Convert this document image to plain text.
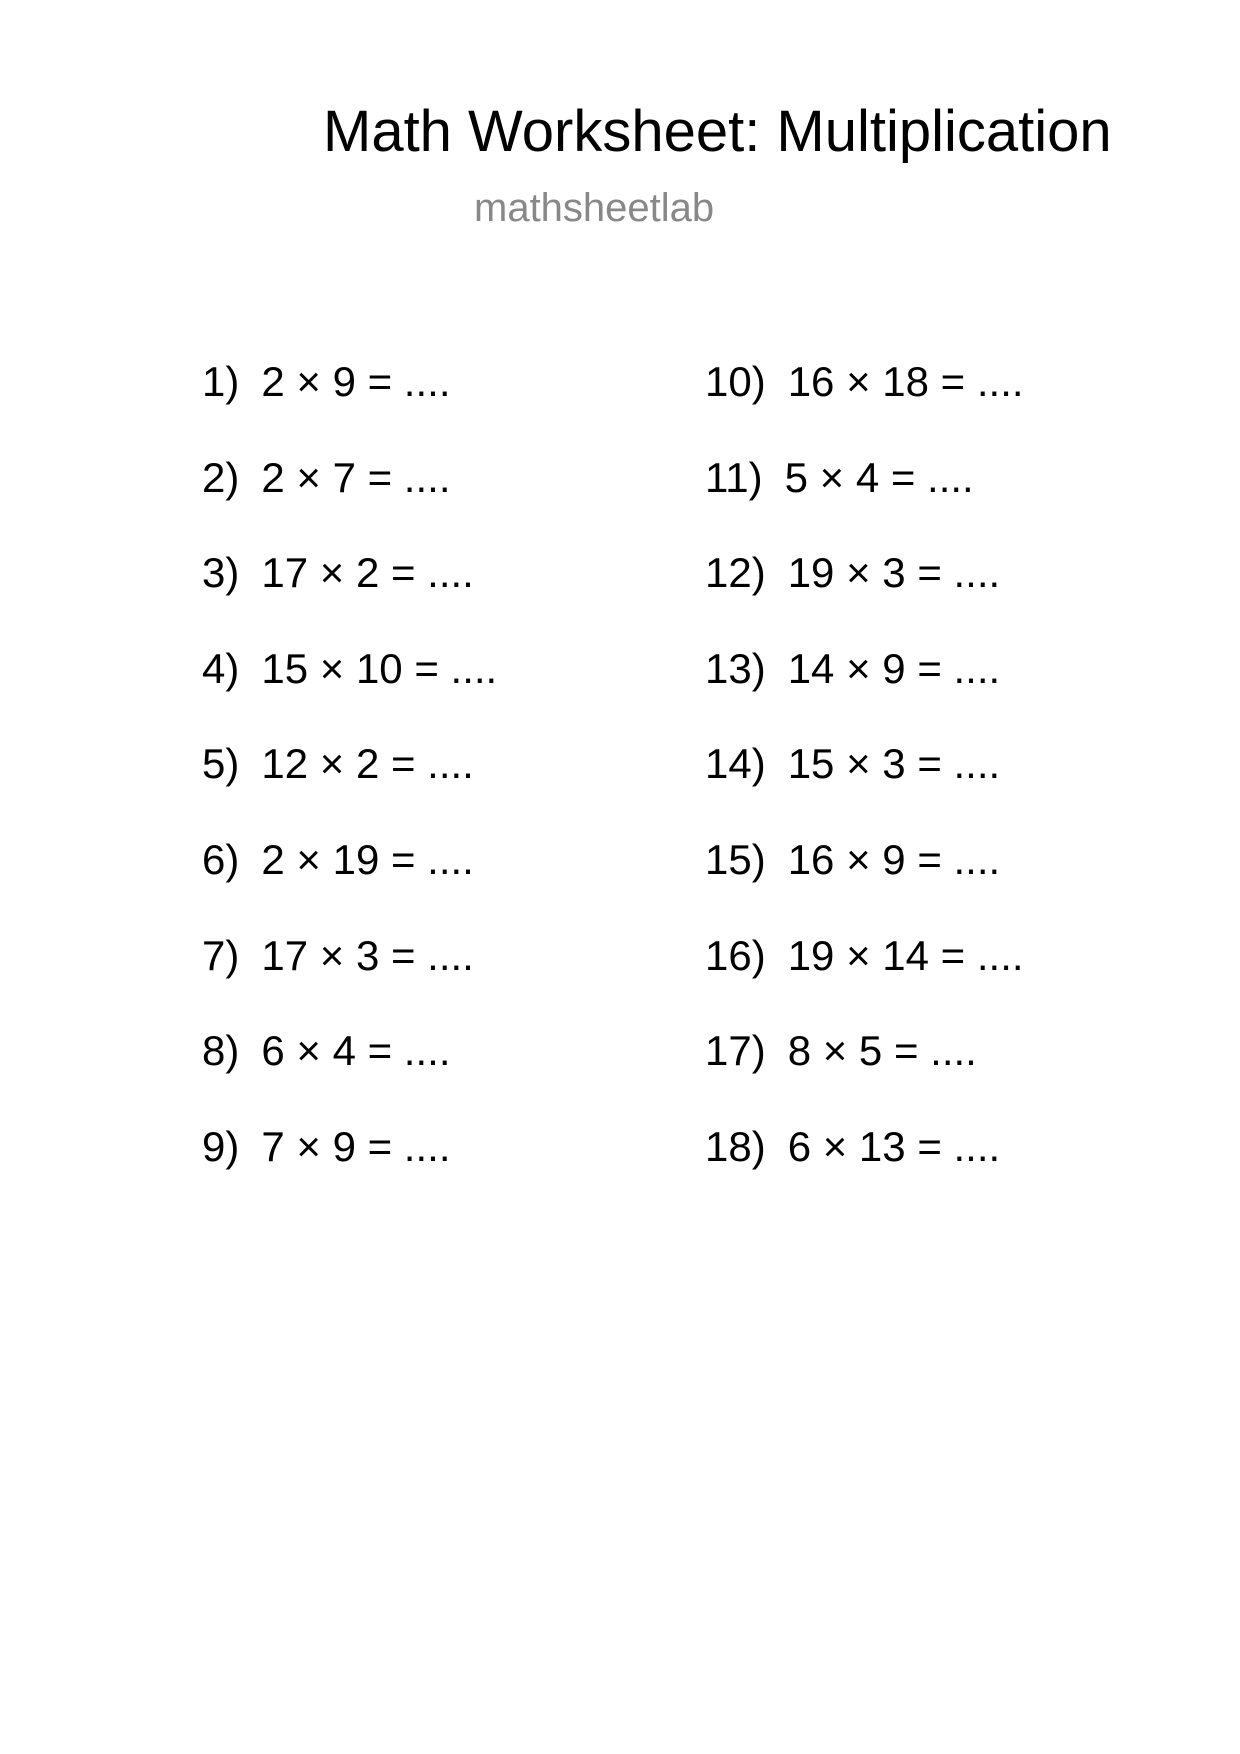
Math Worksheet: Multiplication
mathsheetlab
1) 2 × 9 = ....
2) 2 × 7 = ....
3) 17 × 2 = ....
4) 15 × 10 = ....
5) 12 × 2 = ....
6) 2 × 19 = ....
7) 17 × 3 = ....
8) 6 × 4 = ....
9) 7 × 9 = ....
10) 16 × 18 = ....
11) 5 × 4 = ....
12) 19 × 3 = ....
13) 14 × 9 = ....
14) 15 × 3 = ....
15) 16 × 9 = ....
16) 19 × 14 = ....
17) 8 × 5 = ....
18) 6 × 13 = ....
